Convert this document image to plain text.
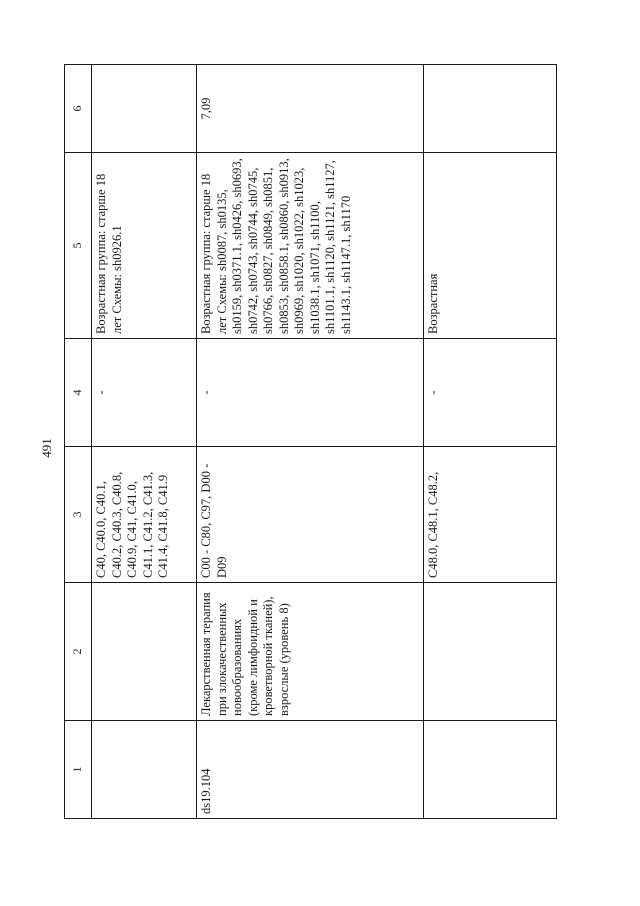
491
1	2	3	4	5	6
		C40, C40.0, C40.1, C40.2, C40.3, C40.8, C40.9, C41, C41.0, C41.1, C41.2, C41.3, C41.4, C41.8, C41.9	-	Возрастная группа: старше 18 лет Схемы: sh0926.1	
ds19.104	Лекарственная терапия при злокачественных новообразованиях (кроме лимфоидной и кроветворной тканей), взрослые (уровень 8)	C00 - C80, C97, D00 - D09	-	Возрастная группа: старше 18 лет Схемы: sh0087, sh0135, sh0159, sh0371.1, sh0426, sh0693, sh0742, sh0743, sh0744, sh0745, sh0766, sh0827, sh0849, sh0851, sh0853, sh0858.1, sh0860, sh0913, sh0969, sh1020, sh1022, sh1023, sh1038.1, sh1071, sh1100, sh1101.1, sh1120, sh1121, sh1127, sh1143.1, sh1147.1, sh1170	7,09
		C48.0, C48.1, C48.2,	-	Возрастная	
